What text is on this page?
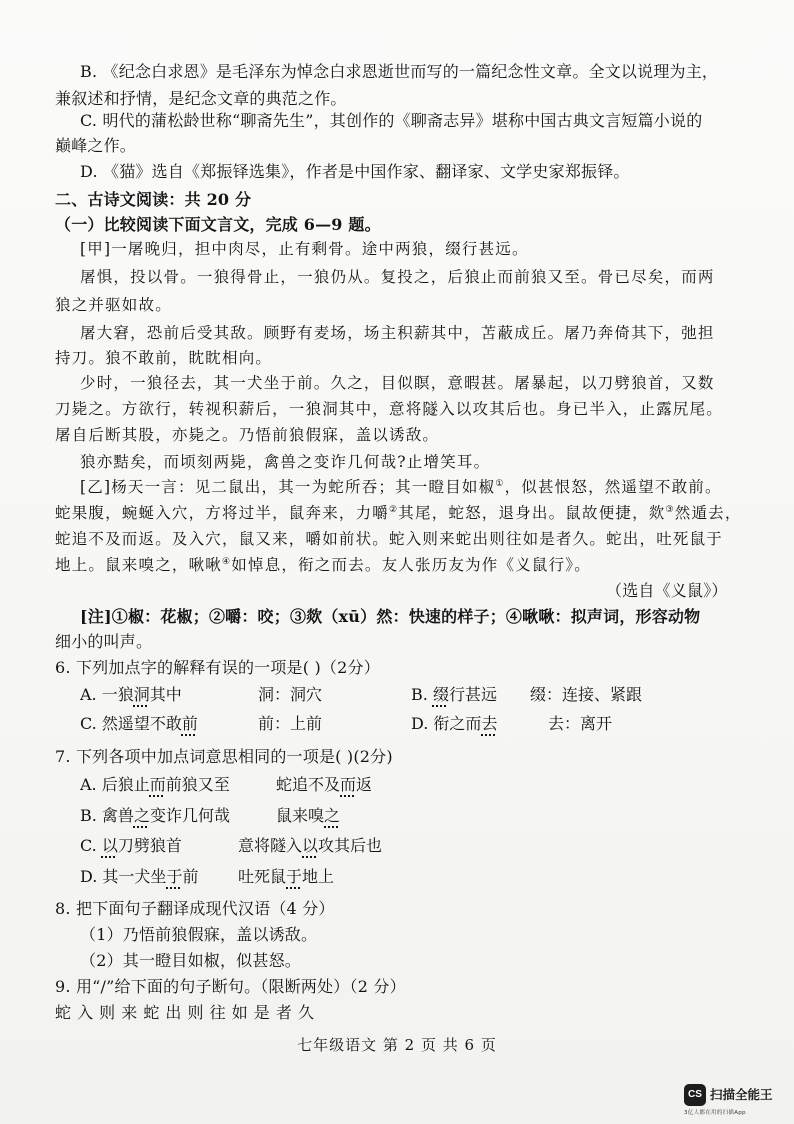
B. 《纪念白求恩》是毛泽东为悼念白求恩逝世而写的一篇纪念性文章。全文以说理为主，
兼叙述和抒情，是纪念文章的典范之作。
C. 明代的蒲松龄世称“聊斋先生”，其创作的《聊斋志异》堪称中国古典文言短篇小说的
巅峰之作。
D. 《猫》选自《郑振铎选集》，作者是中国作家、翻译家、文学史家郑振铎。
二、古诗文阅读：共 20 分
（一）比较阅读下面文言文，完成 6—9 题。
[甲]一屠晚归，担中肉尽，止有剩骨。途中两狼，缀行甚远。
屠惧，投以骨。一狼得骨止，一狼仍从。复投之，后狼止而前狼又至。骨已尽矣，而两
狼之并驱如故。
屠大窘，恐前后受其敌。顾野有麦场，场主积薪其中，苫蔽成丘。屠乃奔倚其下，弛担
持刀。狼不敢前，眈眈相向。
少时，一狼径去，其一犬坐于前。久之，目似瞑，意暇甚。屠暴起，以刀劈狼首，又数
刀毙之。方欲行，转视积薪后，一狼洞其中，意将隧入以攻其后也。身已半入，止露尻尾。
屠自后断其股，亦毙之。乃悟前狼假寐，盖以诱敌。
狼亦黠矣，而顷刻两毙，禽兽之变诈几何哉?止增笑耳。
[乙]杨天一言：见二鼠出，其一为蛇所吞；其一瞪目如椒①，似甚恨怒，然遥望不敢前。
蛇果腹，蜿蜒入穴，方将过半，鼠奔来，力嚼②其尾，蛇怒，退身出。鼠故便捷，欻③然遁去，
蛇追不及而返。及入穴，鼠又来，嚼如前状。蛇入则来蛇出则往如是者久。蛇出，吐死鼠于
地上。鼠来嗅之，啾啾④如悼息，衔之而去。友人张历友为作《义鼠行》。
（选自《义鼠》）
[注]①椒：花椒；②嚼：咬；③欻（xū）然：快速的样子；④啾啾：拟声词，形容动物
细小的叫声。
6. 下列加点字的解释有误的一项是( )（2分）
A. 一狼洞其中	洞：洞穴	B. 缀行甚远 缀：连接、紧跟
C. 然遥望不敢前	前：上前	D. 衔之而去	去：离开
7. 下列各项中加点词意思相同的一项是( )(2分)
A. 后狼止而前狼又至	蛇追不及而返
B. 禽兽之变诈几何哉	鼠来嗅之
C. 以刀劈狼首	意将隧入以攻其后也
D. 其一犬坐于前 吐死鼠于地上
8. 把下面句子翻译成现代汉语（4 分）
（1）乃悟前狼假寐，盖以诱敌。
（2）其一瞪目如椒，似甚怒。
9. 用“/”给下面的句子断句。（限断两处）（2 分）
蛇 入 则 来 蛇 出 则 往 如 是 者 久
七年级语文 第 2 页 共 6 页
CS 扫描全能王
3亿人都在用的扫描App
